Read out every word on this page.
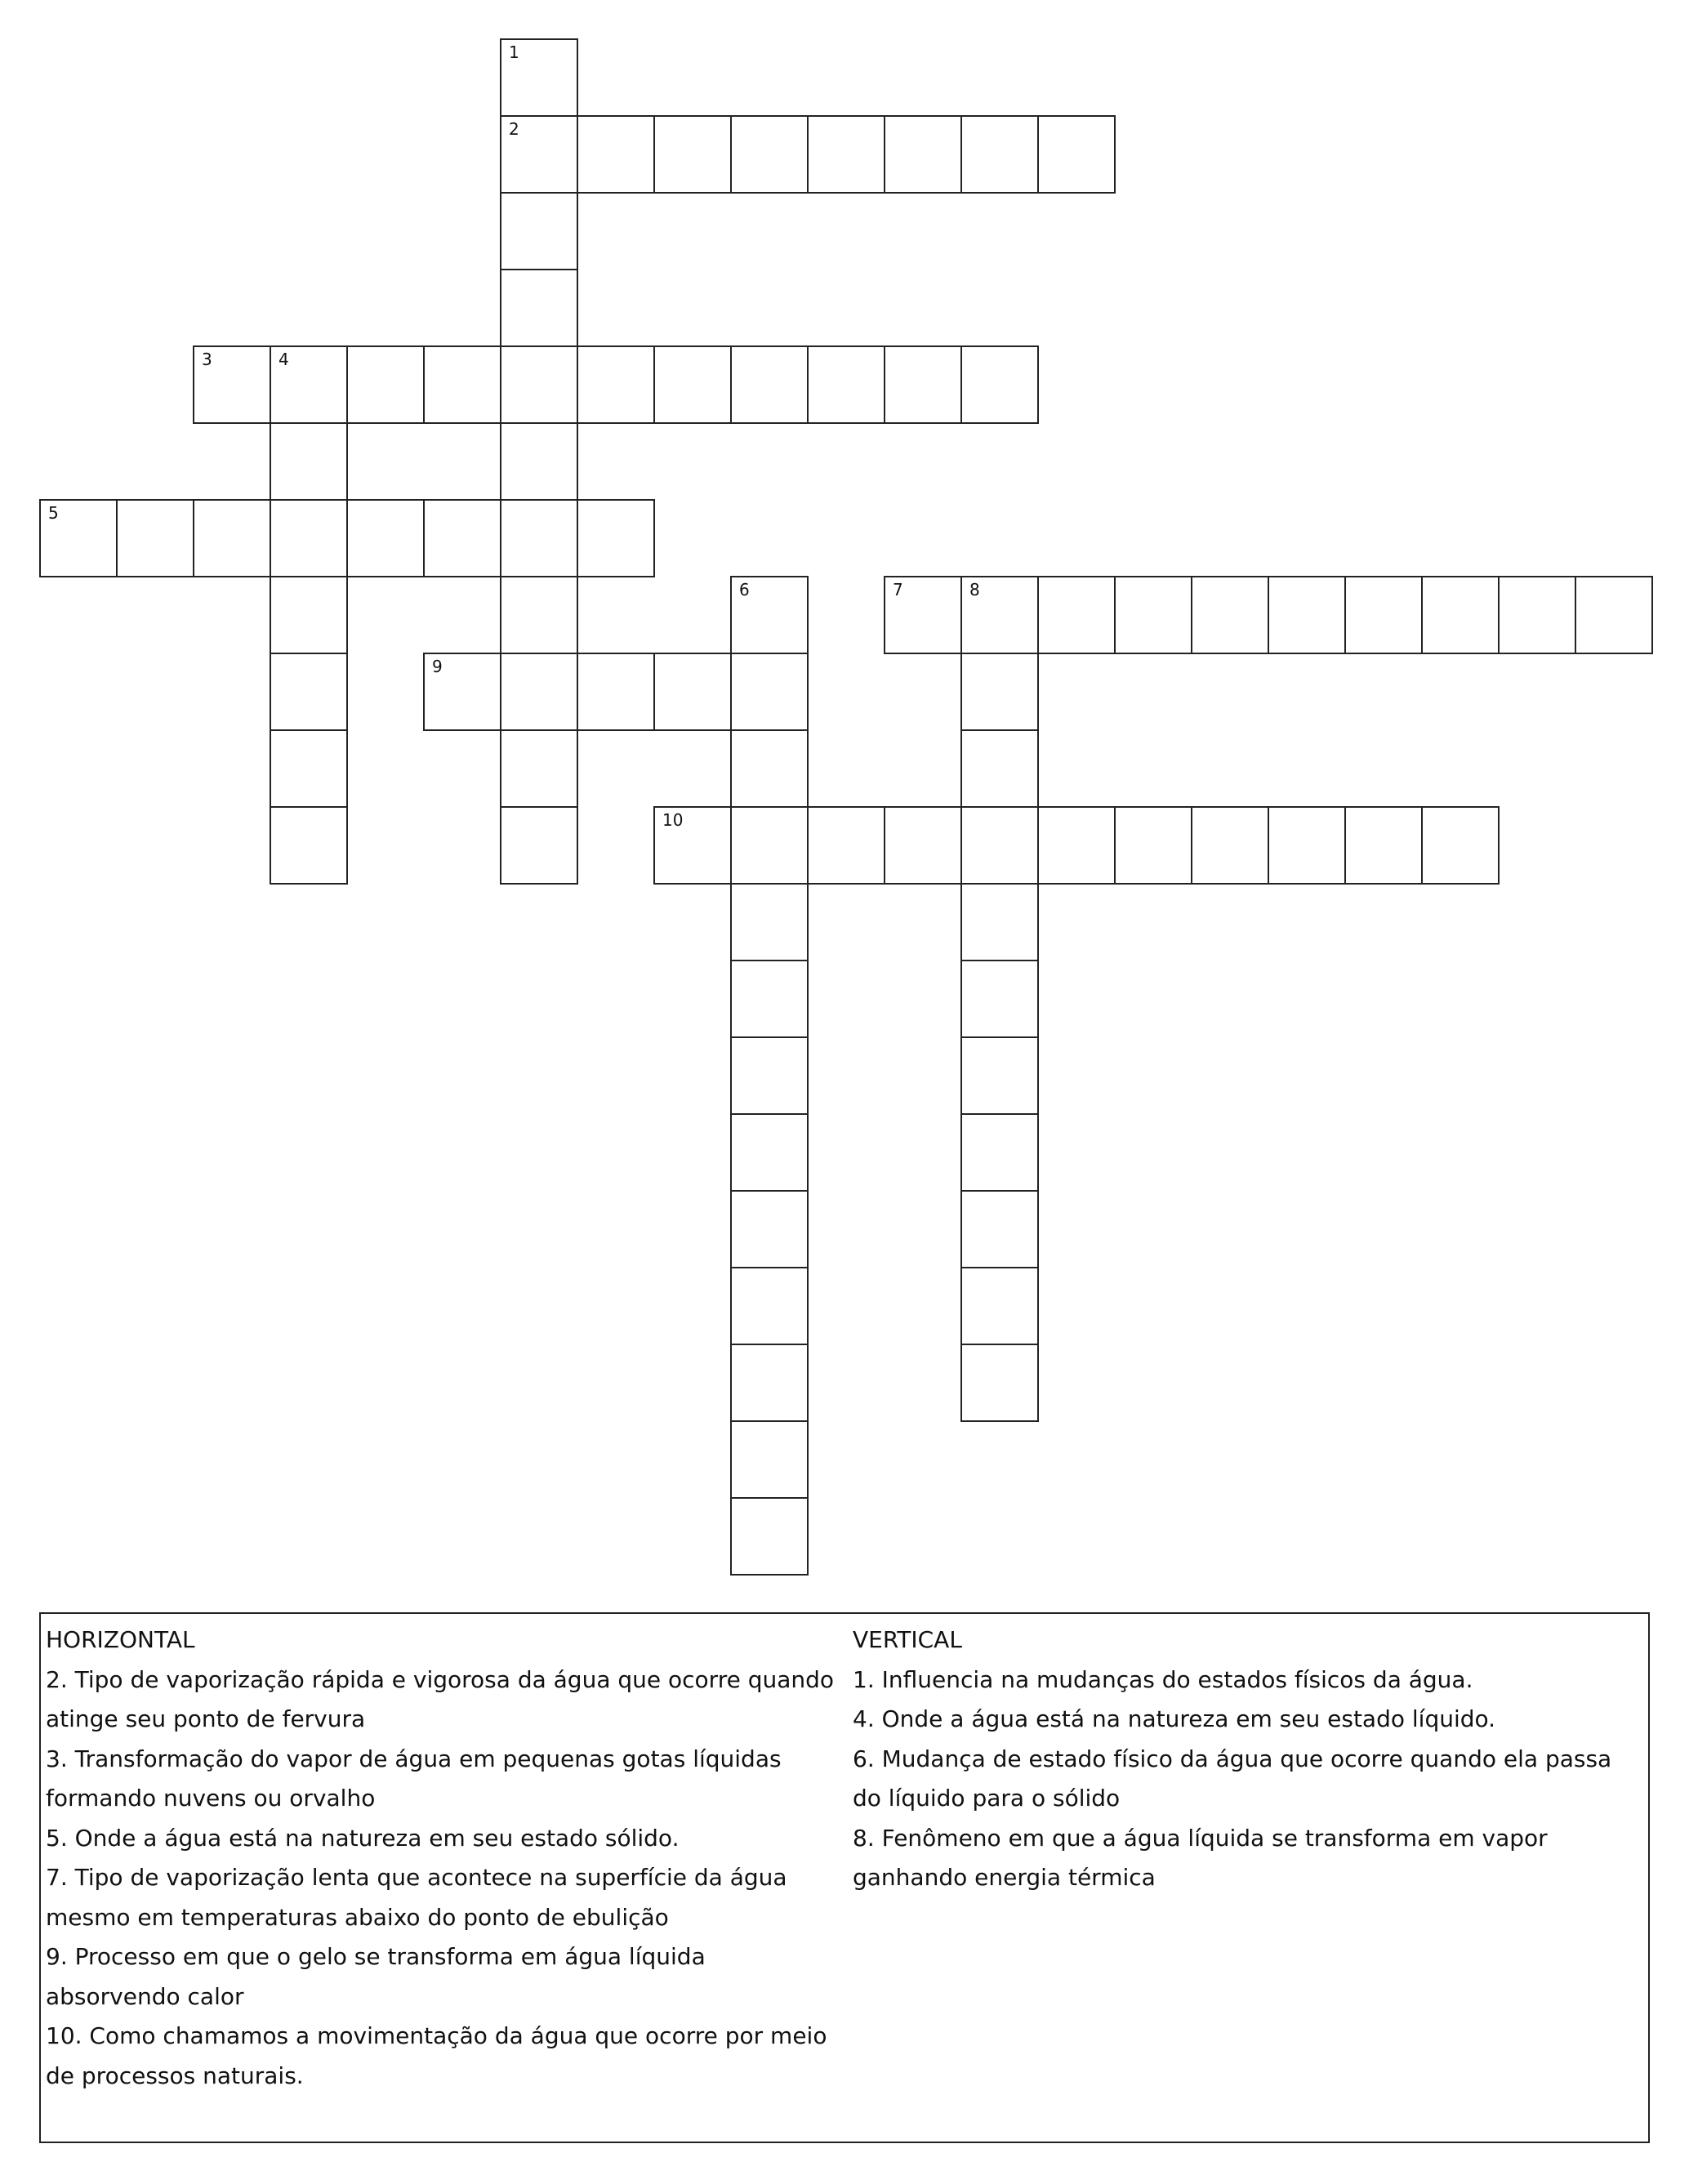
1
2
3	4
5
6	7	8
9
10

HORIZONTAL

2. Tipo de vaporização rápida e vigorosa da água que ocorre quando atinge seu ponto de fervura

3. Transformação do vapor de água em pequenas gotas líquidas formando nuvens ou orvalho

5. Onde a água está na natureza em seu estado sólido.

7. Tipo de vaporização lenta que acontece na superfície da água mesmo em temperaturas abaixo do ponto de ebulição

9. Processo em que o gelo se transforma em água líquida absorvendo calor

10. Como chamamos a movimentação da água que ocorre por meio de processos naturais.

VERTICAL

1. Influencia na mudanças do estados físicos da água.

4. Onde a água está na natureza em seu estado líquido.

6. Mudança de estado físico da água que ocorre quando ela passa do líquido para o sólido

8. Fenômeno em que a água líquida se transforma em vapor ganhando energia térmica
